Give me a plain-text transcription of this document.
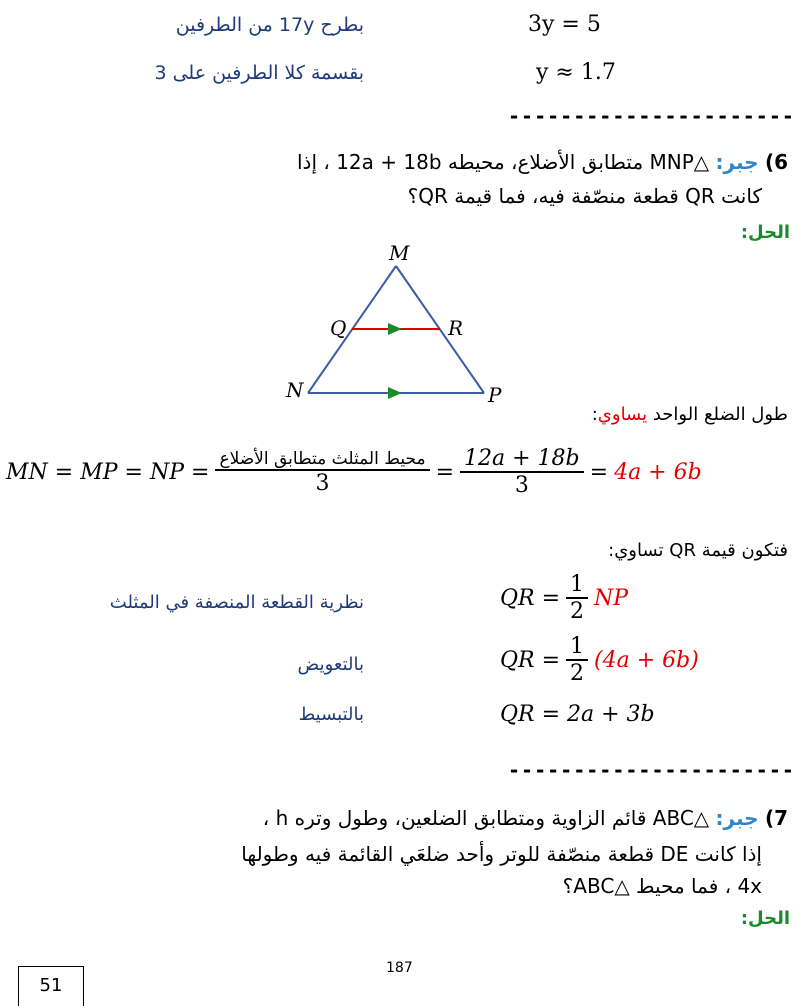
بطرح 17y من الطرفين	3y = 5
بقسمة كلا الطرفين على 3	y ≈ 1.7
----------------------
6) جبر: △MNP متطابق الأضلاع، محيطه 12a + 18b ، إذا
كانت QR قطعة منصّفة فيه، فما قيمة QR؟
الحل:
M
Q	R
N	P
طول الضلع الواحد يساوي:
MN = MP = NP = $\frac{\text{محيط المثلث متطابق الأضلاع}}{3} = \frac{12a + 18b}{3} = 4a + 6b$
فتكون قيمة QR تساوي:
نظرية القطعة المنصفة في المثلث	QR = $\frac{1}{2}$ NP
بالتعويض	QR = $\frac{1}{2} (4a + 6b)$
بالتبسيط	QR = 2a + 3b
----------------------
7) جبر: △ABC قائم الزاوية ومتطابق الضلعين، وطول وتره h ،
إذا كانت DE قطعة منصّفة للوتر وأحد ضلعَي القائمة فيه وطولها
4x ، فما محيط △ABC؟
الحل:
187
51
